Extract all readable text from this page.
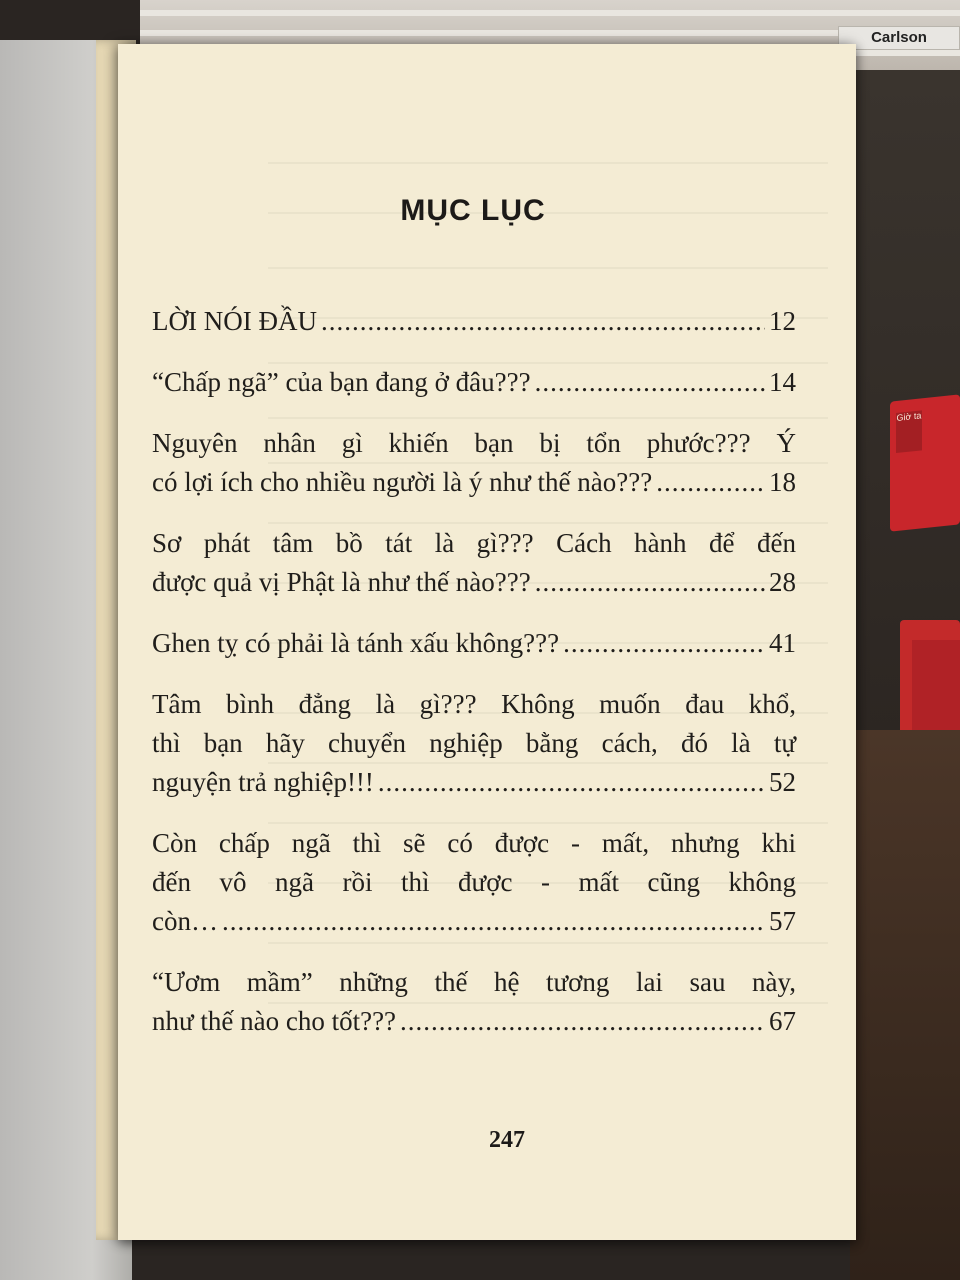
Carlson
Giờ ta
MỤC LỤC
LỜI NÓI ĐẦU .....	12
“Chấp ngã” của bạn đang ở đâu??? .....	14
Nguyên nhân gì khiến bạn bị tổn phước??? Ý
có lợi ích cho nhiều người là ý như thế nào??? .....	18
Sơ phát tâm bồ tát là gì??? Cách hành để đến
được quả vị Phật là như thế nào??? .....	28
Ghen tỵ có phải là tánh xấu không??? .....	41
Tâm bình đẳng là gì??? Không muốn đau khổ,
thì bạn hãy chuyển nghiệp bằng cách, đó là tự
nguyện trả nghiệp!!! .....	52
Còn chấp ngã thì sẽ có được - mất, nhưng khi
đến vô ngã rồi thì được - mất cũng không
còn… .....	57
“Ươm mầm” những thế hệ tương lai sau này,
như thế nào cho tốt??? .....	67
247
